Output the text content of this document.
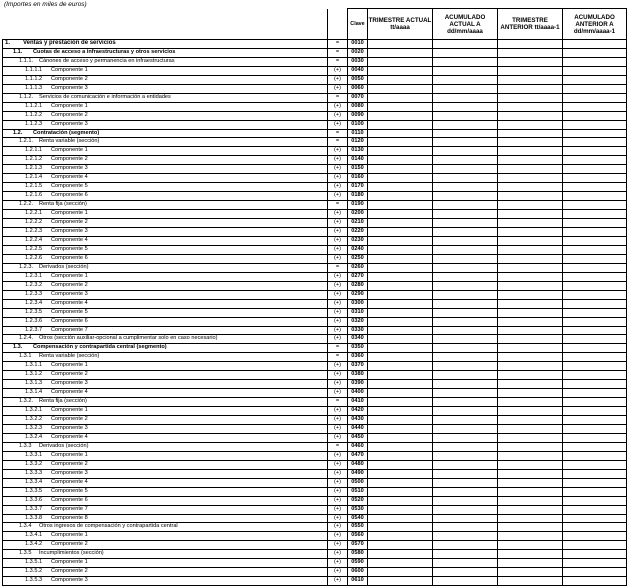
(Importes en miles de euros)
		Clave	TRIMESTRE ACTUAL tt/aaaa	ACUMULADO ACTUAL A dd/mm/aaaa	TRIMESTRE ANTERIOR tt/aaaa-1	ACUMULADO ANTERIOR A dd/mm/aaaa-1
1. Ventas y prestación de servicios	=	0010				
1.1. Cuotas de acceso a infraestructuras y otros servicios	=	0020				
1.1.1. Cánones de acceso y permanencia en infraestructuras	=	0030				
1.1.1.1 Componente 1	(+)	0040				
1.1.1.2 Componente 2	(+)	0050				
1.1.1.3 Componente 3	(+)	0060				
1.1.2. Servicios de comunicación e información a entidades	=	0070				
1.1.2.1 Componente 1	(+)	0080				
1.1.2.2 Componente 2	(+)	0090				
1.1.2.3 Componente 3	(+)	0100				
1.2. Contratación (segmento)	=	0110				
1.2.1. Renta variable (sección)	=	0120				
1.2.1.1 Componente 1	(+)	0130				
1.2.1.2 Componente 2	(+)	0140				
1.2.1.3 Componente 3	(+)	0150				
1.2.1.4 Componente 4	(+)	0160				
1.2.1.5 Componente 5	(+)	0170				
1.2.1.6 Componente 6	(+)	0180				
1.2.2. Renta fija (sección)	=	0190				
1.2.2.1 Componente 1	(+)	0200				
1.2.2.2 Componente 2	(+)	0210				
1.2.2.3 Componente 3	(+)	0220				
1.2.2.4 Componente 4	(+)	0230				
1.2.2.5 Componente 5	(+)	0240				
1.2.2.6 Componente 6	(+)	0250				
1.2.3. Derivados (sección)	=	0260				
1.2.3.1 Componente 1	(+)	0270				
1.2.3.2 Componente 2	(+)	0280				
1.2.3.3 Componente 3	(+)	0290				
1.2.3.4 Componente 4	(+)	0300				
1.2.3.5 Componente 5	(+)	0310				
1.2.3.6 Componente 6	(+)	0320				
1.2.3.7 Componente 7	(+)	0330				
1.2.4. Otros (sección auxiliar-opcional a cumplimentar solo en caso necesario)	(+)	0340				
1.3. Compensación y contrapartida central (segmento)	=	0350				
1.3.1 Renta variable (sección)	=	0360				
1.3.1.1 Componente 1	(+)	0370				
1.3.1.2 Componente 2	(+)	0380				
1.3.1.3 Componente 3	(+)	0390				
1.3.1.4 Componente 4	(+)	0400				
1.3.2. Renta fija (sección)	=	0410				
1.3.2.1 Componente 1	(+)	0420				
1.3.2.2 Componente 2	(+)	0430				
1.3.2.3 Componente 3	(+)	0440				
1.3.2.4 Componente 4	(+)	0450				
1.3.3 Derivados (sección)	=	0460				
1.3.3.1 Componente 1	(+)	0470				
1.3.3.2 Componente 2	(+)	0480				
1.3.3.3 Componente 3	(+)	0490				
1.3.3.4 Componente 4	(+)	0500				
1.3.3.5 Componente 5	(+)	0510				
1.3.3.6 Componente 6	(+)	0520				
1.3.3.7 Componente 7	(+)	0530				
1.3.3.8 Componente 8	(+)	0540				
1.3.4 Otros ingresos de compensación y contrapartida central	(+)	0550				
1.3.4.1 Componente 1	(+)	0560				
1.3.4.2 Componente 2	(+)	0570				
1.3.5 Incumplimientos (sección)	(+)	0580				
1.3.5.1 Componente 1	(+)	0590				
1.3.5.2 Componente 2	(+)	0600				
1.3.5.3 Componente 3	(+)	0610				
